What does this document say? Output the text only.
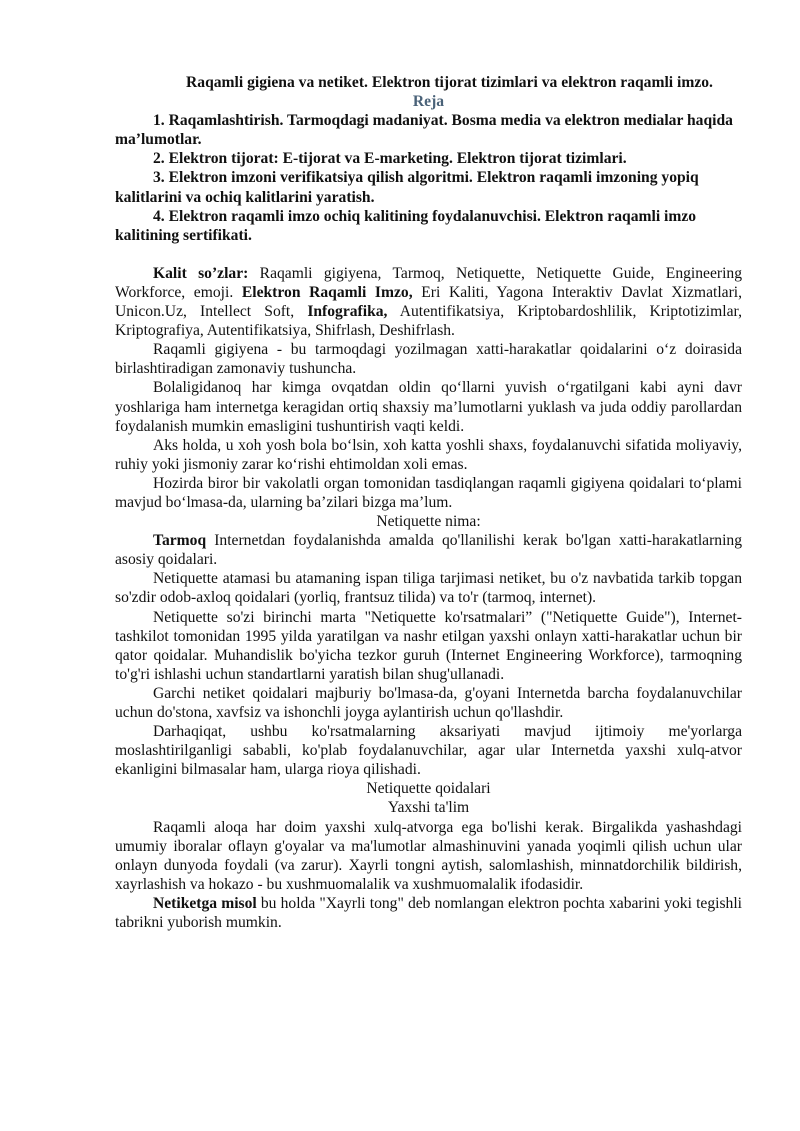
Raqamli gigiena va netiket. Elektron tijorat tizimlari va elektron raqamli imzo.

Reja

1. Raqamlashtirish. Tarmoqdagi madaniyat. Bosma media va elektron medialar haqida ma’lumotlar.

2. Elektron tijorat: E-tijorat va E-marketing. Elektron tijorat tizimlari.

3. Elektron imzoni verifikatsiya qilish algoritmi. Elektron raqamli imzoning yopiq kalitlarini va ochiq kalitlarini yaratish.

4. Elektron raqamli imzo ochiq kalitining foydalanuvchisi. Elektron raqamli imzo kalitining sertifikati.

Kalit so’zlar: Raqamli gigiyena, Tarmoq, Netiquette, Netiquette Guide, Engineering Workforce, emoji. Elektron Raqamli Imzo, Eri Kaliti, Yagona Interaktiv Davlat Xizmatlari, Unicon.Uz, Intellect Soft, Infografika, Autentifikatsiya, Kriptobardoshlilik, Kriptotizimlar, Kriptografiya, Autentifikatsiya, Shifrlash, Deshifrlash.

Raqamli gigiyena - bu tarmoqdagi yozilmagan xatti-harakatlar qoidalarini o‘z doirasida birlashtiradigan zamonaviy tushuncha.

Bolaligidanoq har kimga ovqatdan oldin qo‘llarni yuvish o‘rgatilgani kabi ayni davr yoshlariga ham internetga keragidan ortiq shaxsiy ma’lumotlarni yuklash va juda oddiy parollardan foydalanish mumkin emasligini tushuntirish vaqti keldi.

Aks holda, u xoh yosh bola bo‘lsin, xoh katta yoshli shaxs, foydalanuvchi sifatida moliyaviy, ruhiy yoki jismoniy zarar ko‘rishi ehtimoldan xoli emas.

Hozirda biror bir vakolatli organ tomonidan tasdiqlangan raqamli gigiyena qoidalari to‘plami mavjud bo‘lmasa-da, ularning ba’zilari bizga ma’lum.

Netiquette nima:

Tarmoq Internetdan foydalanishda amalda qo'llanilishi kerak bo'lgan xatti-harakatlarning asosiy qoidalari.

Netiquette atamasi bu atamaning ispan tiliga tarjimasi netiket, bu o'z navbatida tarkib topgan so'zdir odob-axloq qoidalari (yorliq, frantsuz tilida) va to'r (tarmoq, internet).

Netiquette so'zi birinchi marta "Netiquette ko'rsatmalari” ("Netiquette Guide"), Internet-tashkilot tomonidan 1995 yilda yaratilgan va nashr etilgan yaxshi onlayn xatti-harakatlar uchun bir qator qoidalar. Muhandislik bo'yicha tezkor guruh (Internet Engineering Workforce), tarmoqning to'g'ri ishlashi uchun standartlarni yaratish bilan shug'ullanadi.

Garchi netiket qoidalari majburiy bo'lmasa-da, g'oyani Internetda barcha foydalanuvchilar uchun do'stona, xavfsiz va ishonchli joyga aylantirish uchun qo'llashdir.

Darhaqiqat, ushbu ko'rsatmalarning aksariyati mavjud ijtimoiy me'yorlarga moslashtirilganligi sababli, ko'plab foydalanuvchilar, agar ular Internetda yaxshi xulq-atvor ekanligini bilmasalar ham, ularga rioya qilishadi.

Netiquette qoidalari

Yaxshi ta'lim

Raqamli aloqa har doim yaxshi xulq-atvorga ega bo'lishi kerak. Birgalikda yashashdagi umumiy iboralar oflayn g'oyalar va ma'lumotlar almashinuvini yanada yoqimli qilish uchun ular onlayn dunyoda foydali (va zarur). Xayrli tongni aytish, salomlashish, minnatdorchilik bildirish, xayrlashish va hokazo - bu xushmuomalalik va xushmuomalalik ifodasidir.

Netiketga misol bu holda "Xayrli tong" deb nomlangan elektron pochta xabarini yoki tegishli tabrikni yuborish mumkin.
